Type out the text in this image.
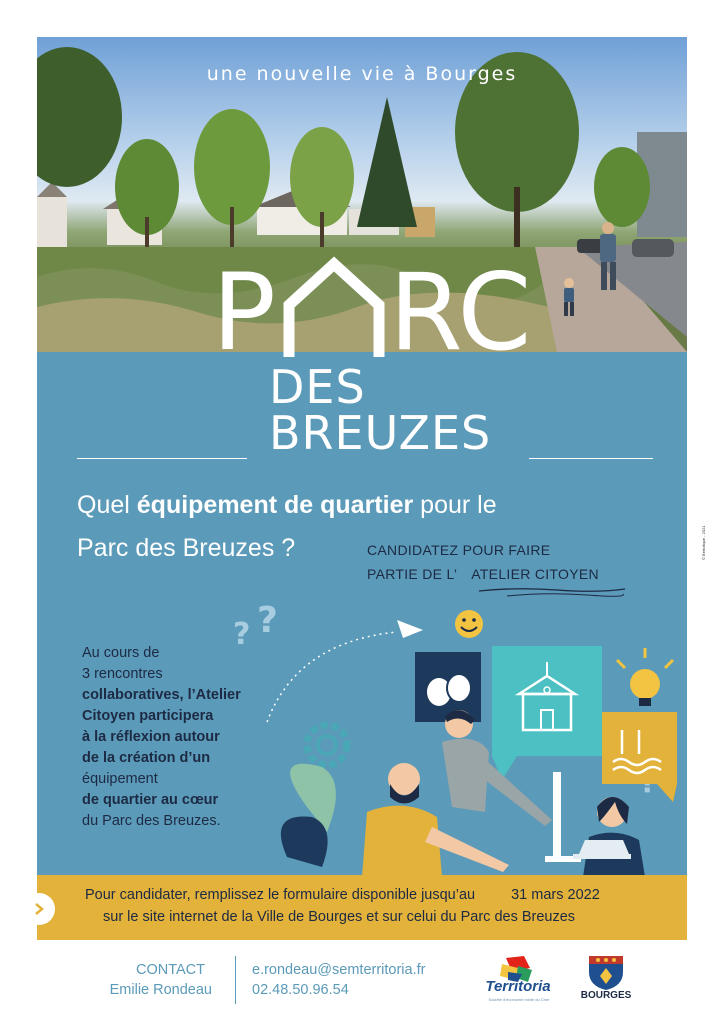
une nouvelle vie à Bourges
P RC
DES
BREUZES
Quel équipement de quartier pour le
Parc des Breuzes ?	CANDIDATEZ POUR FAIRE
PARTIE DE L’ ATELIER CITOYEN
Au cours de
3 rencontres
collaboratives, l’Atelier
Citoyen participera
à la réflexion autour
de la création d’un
équipement
de quartier au cœur
du Parc des Breuzes.
? ?
Pour candidater, remplissez le formulaire disponible jusqu’au 31 mars 2022
sur le site internet de la Ville de Bourges et sur celui du Parc des Breuzes
© Bertolique - 2021
CONTACT
Emilie Rondeau
e.rondeau@semterritoria.fr
02.48.50.96.54	Territoria
Société d’économie mixte du Cher	BOURGES
